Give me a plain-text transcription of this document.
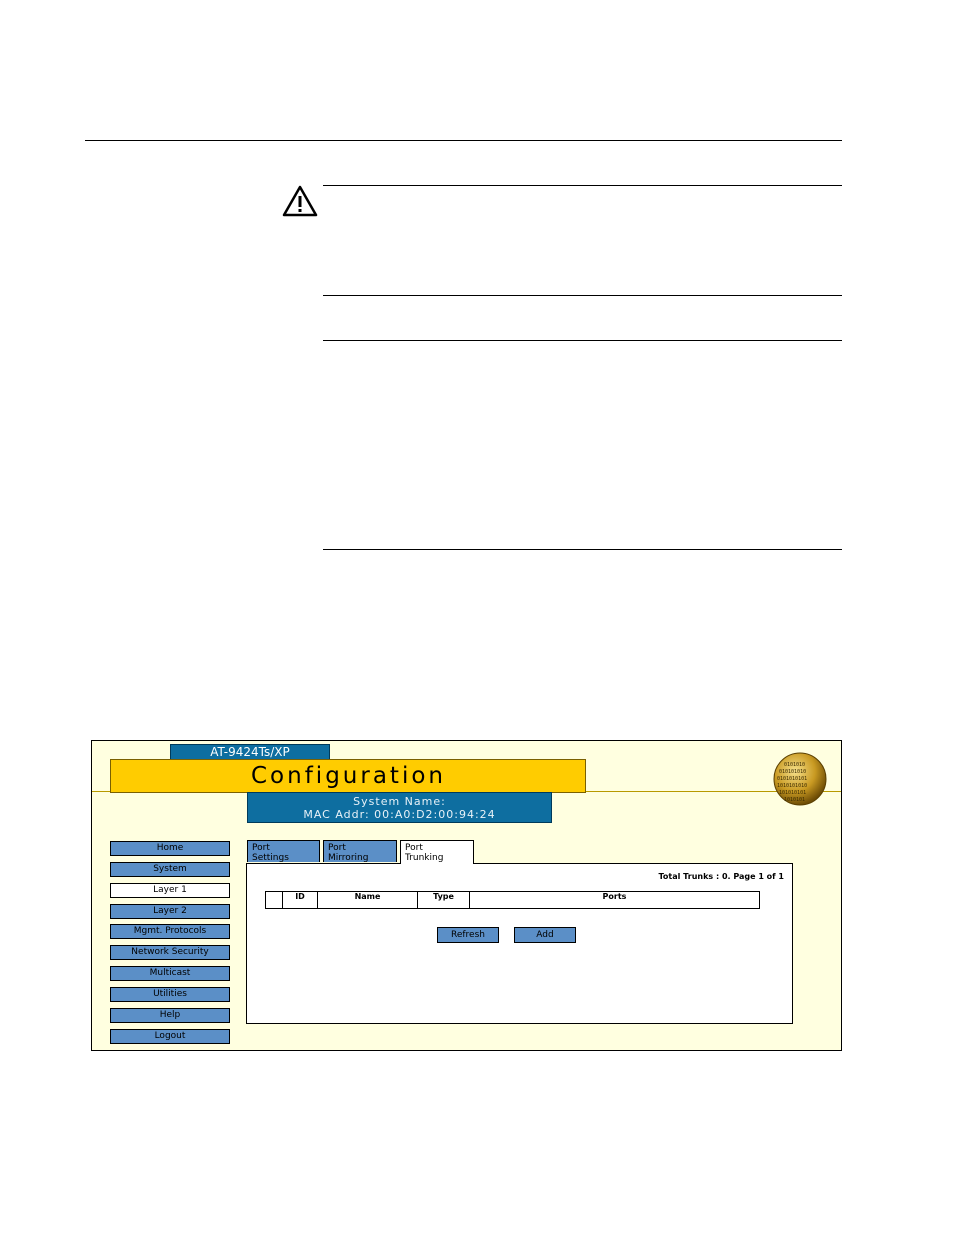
AT-9424Ts/XP
Configuration
System Name:
MAC Addr: 00:A0:D2:00:94:24
0101010
010101010
0101010101
1010101010
101010101
1010101
Home
System
Layer 1
Layer 2
Mgmt. Protocols
Network Security
Multicast
Utilities
Help
Logout
Port
Settings
Port
Mirroring
Port
Trunking
Total Trunks : 0. Page 1 of 1
	ID	Name	Type	Ports
Refresh	Add
